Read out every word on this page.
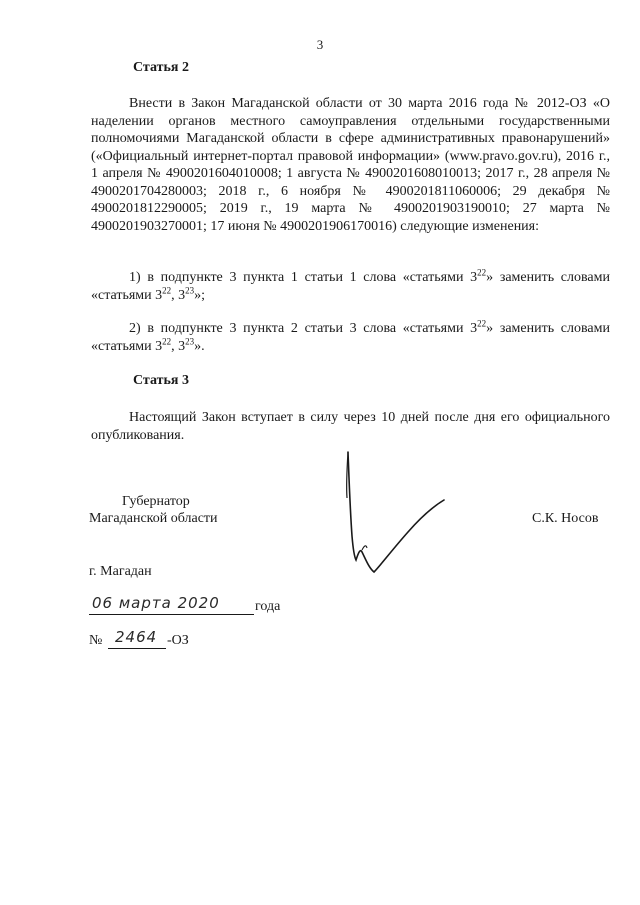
3
Статья 2
Внести в Закон Магаданской области от 30 марта 2016 года № 2012-ОЗ «О наделении органов местного самоуправления отдельными государственными полномочиями Магаданской области в сфере административных правонарушений» («Официальный интернет-портал правовой информации» (www.pravo.gov.ru), 2016 г., 1 апреля № 4900201604010008; 1 августа № 4900201608010013; 2017 г., 28 апреля № 4900201704280003; 2018 г., 6 ноября № 4900201811060006; 29 декабря № 4900201812290005; 2019 г., 19 марта № 4900201903190010; 27 марта № 4900201903270001; 17 июня № 4900201906170016) следующие изменения:
1) в подпункте 3 пункта 1 статьи 1 слова «статьями $3^{22}$» заменить словами «статьями $3^{22}$, $3^{23}$»;
2) в подпункте 3 пункта 2 статьи 3 слова «статьями $3^{22}$» заменить словами «статьями $3^{22}$, $3^{23}$».
Статья 3
Настоящий Закон вступает в силу через 10 дней после дня его официального опубликования.
Губернатор
Магаданской области	С.К. Носов
г. Магадан
06 марта 2020	года
№ 2464 -ОЗ
